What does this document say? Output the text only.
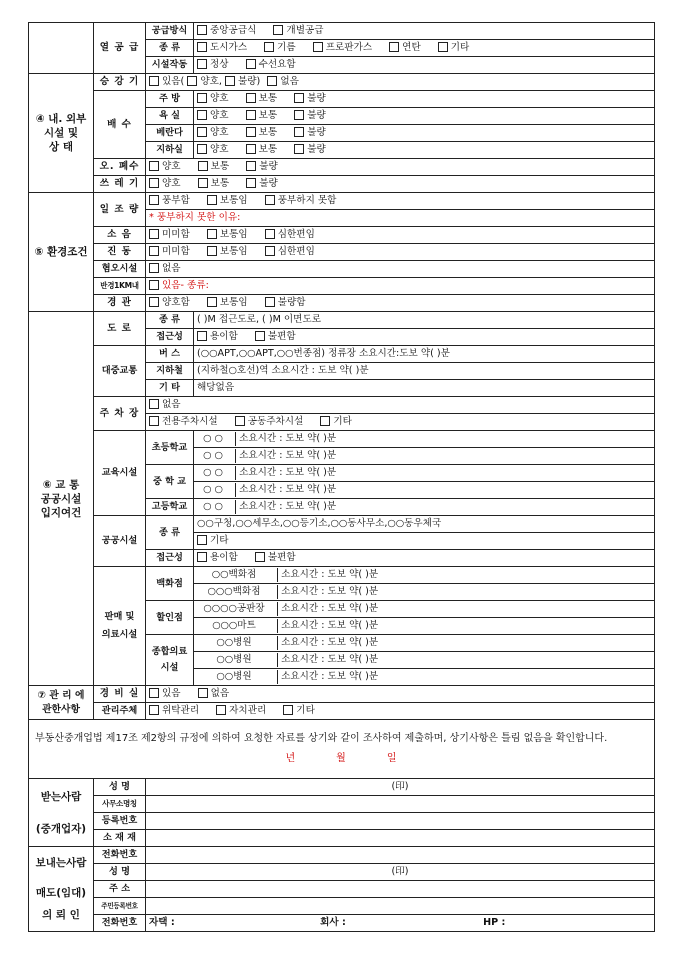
	열 공 급	공급방식	중앙공급식 개별공급
		종 류	도시가스 기름 프로판가스 연탄 기타
		시설작동	정상 수선요함

④ 내. 외부
시설 및
상 태	승 강 기	있음( 양호, 불량) 없음	
	배 수	주 방	양호 보통 불량
		욕 실	양호 보통 불량
		베란다	양호 보통 불량
		지하실	양호 보통 불량
	오. 폐수	양호 보통 불량	
	쓰 레 기	양호 보통 불량	
⑤ 환경조건	일 조 량	풍부함 보통임 풍부하지 못함	
		* 풍부하지 못한 이유:	
	소 음	미미함 보통임 심한편임	
	진 동	미미함 보통임 심한편임	
	혐오시설	없음	
	반경1KM내	있음- 종류:	
	경 관	양호함 보통임 불량함	

⑥ 교 통
공공시설
입지여건	도 로	종 류	( )M 접근도로, ( )M 이면도로
		접근성	용이함 불편함
	대중교통	버 스	(○○APT,○○APT,○○번종점) 정류장 소요시간:도보 약( )분
		지하철	(지하철○호선)역 소요시간 : 도보 약( )분
		기 타	해당없음
	주 차 장	없음	
		전용주차시설 공동주차시설 기타	
	교육시설	초등학교	○ ○ 소요시간 : 도보 약( )분
			○ ○ 소요시간 : 도보 약( )분
		중 학 교	○ ○ 소요시간 : 도보 약( )분
			○ ○ 소요시간 : 도보 약( )분
		고등학교	○ ○ 소요시간 : 도보 약( )분
	공공시설	종 류	○○구청,○○세무소,○○등기소,○○동사무소,○○동우체국
			기타
		접근성	용이함 불편함

	판매 및
의료시설	백화점	○○백화점 소요시간 : 도보 약( )분
			○○○백화점 소요시간 : 도보 약( )분
		할인점	○○○○공판장 소요시간 : 도보 약( )분
			○○○마트 소요시간 : 도보 약( )분
		종합의료시설	○○병원 소요시간 : 도보 약( )분
			○○병원 소요시간 : 도보 약( )분
			○○병원 소요시간 : 도보 약( )분

⑦ 관 리 에
관한사항	경 비 실	있음 없음	
	관리주체	위탁관리 자치관리 기타	

부동산중개업법 제17조 제2항의 규정에 의하여 요청한 자료를 상기와 같이 조사하여 제출하며, 상기사항은 틀림 없음을 확인합니다.
년 월 일			

받는사람
(중개업자)	성 명	(印)	
	사무소명칭		
	등록번호		
	소 재 재		

보내는사람
매도(임대)
의 뢰 인	전화번호		
	성 명	(印)	
	주 소		
	주민등록번호		
	전화번호	자택 : 회사 : HP :	
